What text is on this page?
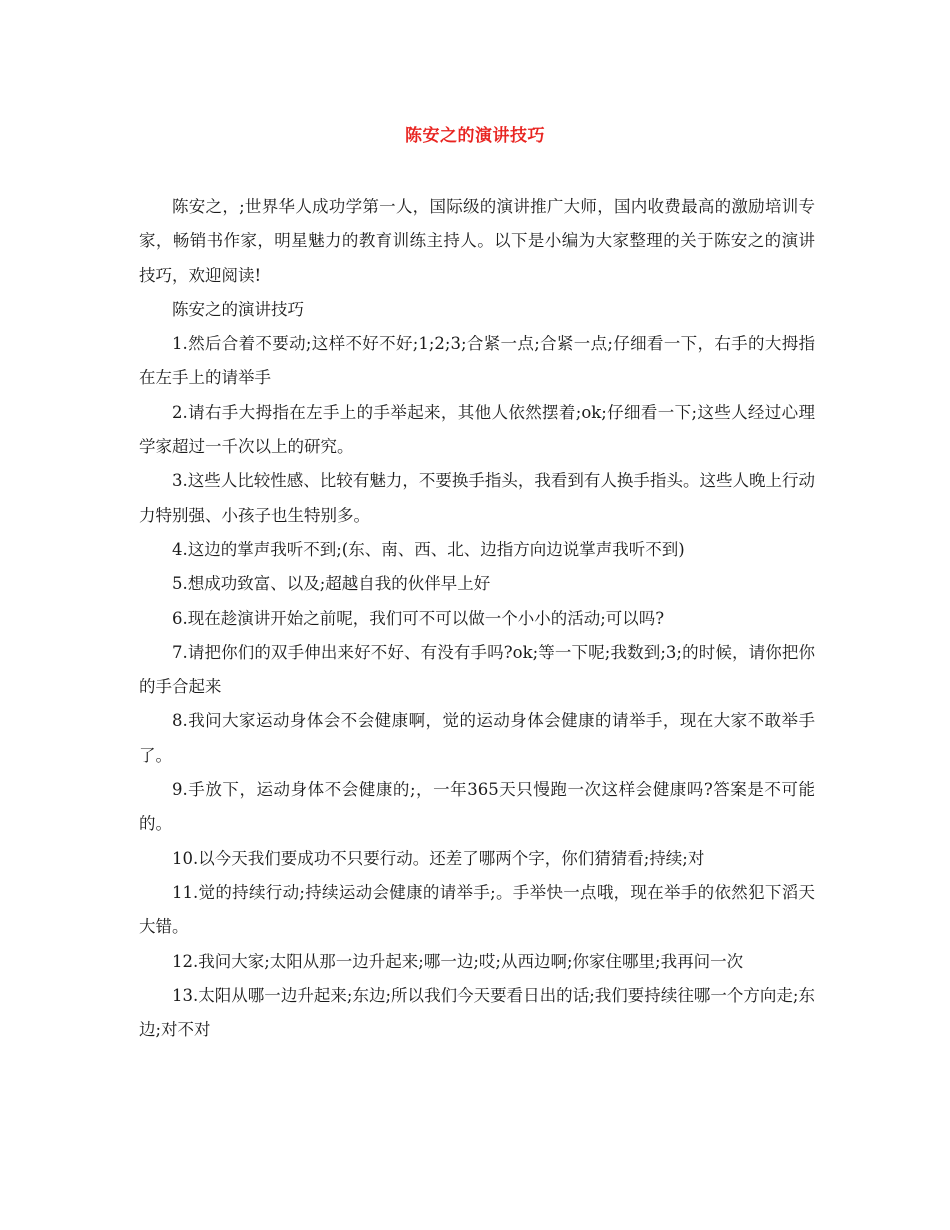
陈安之的演讲技巧

陈安之，;世界华人成功学第一人，国际级的演讲推广大师，国内收费最高的激励培训专家，畅销书作家，明星魅力的教育训练主持人。以下是小编为大家整理的关于陈安之的演讲技巧，欢迎阅读!

陈安之的演讲技巧

1.然后合着不要动;这样不好不好;1;2;3;合紧一点;合紧一点;仔细看一下，右手的大拇指在左手上的请举手

2.请右手大拇指在左手上的手举起来，其他人依然摆着;ok;仔细看一下;这些人经过心理学家超过一千次以上的研究。

3.这些人比较性感、比较有魅力，不要换手指头，我看到有人换手指头。这些人晚上行动力特别强、小孩子也生特别多。

4.这边的掌声我听不到;(东、南、西、北、边指方向边说掌声我听不到)

5.想成功致富、以及;超越自我的伙伴早上好

6.现在趁演讲开始之前呢，我们可不可以做一个小小的活动;可以吗?

7.请把你们的双手伸出来好不好、有没有手吗?ok;等一下呢;我数到;3;的时候，请你把你的手合起来

8.我问大家运动身体会不会健康啊，觉的运动身体会健康的请举手，现在大家不敢举手了。

9.手放下，运动身体不会健康的;，一年365天只慢跑一次这样会健康吗?答案是不可能的。

10.以今天我们要成功不只要行动。还差了哪两个字，你们猜猜看;持续;对

11.觉的持续行动;持续运动会健康的请举手;。手举快一点哦，现在举手的依然犯下滔天大错。

12.我问大家;太阳从那一边升起来;哪一边;哎;从西边啊;你家住哪里;我再问一次

13.太阳从哪一边升起来;东边;所以我们今天要看日出的话;我们要持续往哪一个方向走;东边;对不对
